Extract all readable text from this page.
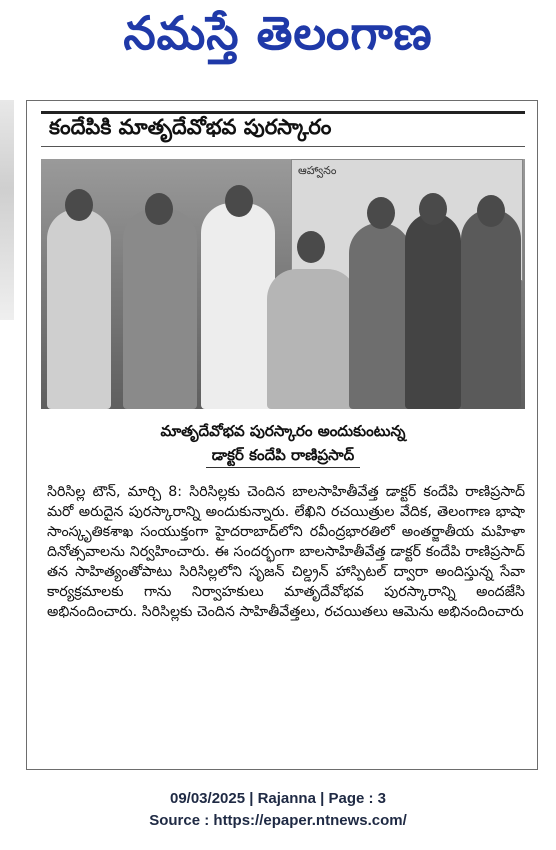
నమస్తే తెలంగాణ
కందేపికి మాతృదేవోభవ పురస్కారం
ఆహ్వానం
మాతృదేవోభవ పురస్కారం అందుకుంటున్న
డాక్టర్ కందేపి రాణిప్రసాద్
సిరిసిల్ల టౌన్, మార్చి 8: సిరిసిల్లకు చెందిన బాలసాహితీవేత్త డాక్టర్ కందేపి రాణిప్రసాద్ మరో అరుదైన పురస్కారాన్ని అందుకున్నారు. లేఖిని రచయిత్రుల వేదిక, తెలంగాణ భాషా సాంస్కృతికశాఖ సంయుక్తంగా హైదరాబాద్‌లోని రవీంద్రభారతిలో అంతర్జాతీయ మహిళా దినోత్సవాలను నిర్వహించారు. ఈ సందర్భంగా బాలసాహితీవేత్త డాక్టర్ కందేపి రాణిప్రసాద్ తన సాహిత్యంతోపాటు సిరిసిల్లలోని సృజన్ చిల్డ్రన్ హాస్పిటల్ ద్వారా అందిస్తున్న సేవా కార్యక్రమాలకు గాను నిర్వాహకులు మాతృదేవోభవ పురస్కారాన్ని అందజేసి అభినందించారు. సిరిసిల్లకు చెందిన సాహితీవేత్తలు, రచయితలు ఆమెను అభినందించారు
09/03/2025 | Rajanna | Page : 3
Source : https://epaper.ntnews.com/
